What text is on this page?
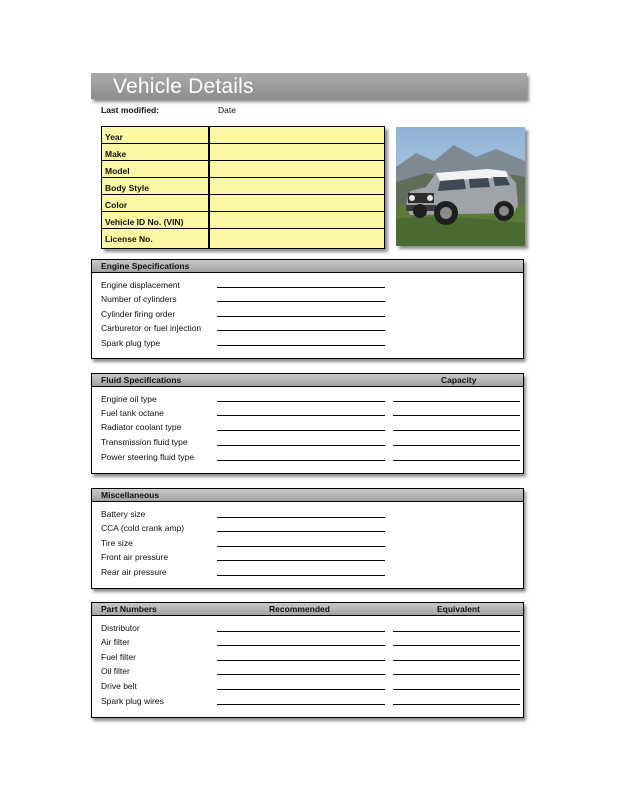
Vehicle Details
Last modified:	Date
Year
Make
Model
Body Style
Color
Vehicle ID No. (VIN)
License No.
Engine Specifications
Engine displacement
Number of cylinders
Cylinder firing order
Carburetor or fuel injection
Spark plug type
Fluid Specifications	Capacity
Engine oil type
Fuel tank octane
Radiator coolant type
Transmission fluid type
Power steering fluid type
Miscellaneous
Battery size
CCA (cold crank amp)
Tire size
Front air pressure
Rear air pressure
Part Numbers	Recommended	Equivalent
Distributor
Air filter
Fuel filter
Oil filter
Drive belt
Spark plug wires
